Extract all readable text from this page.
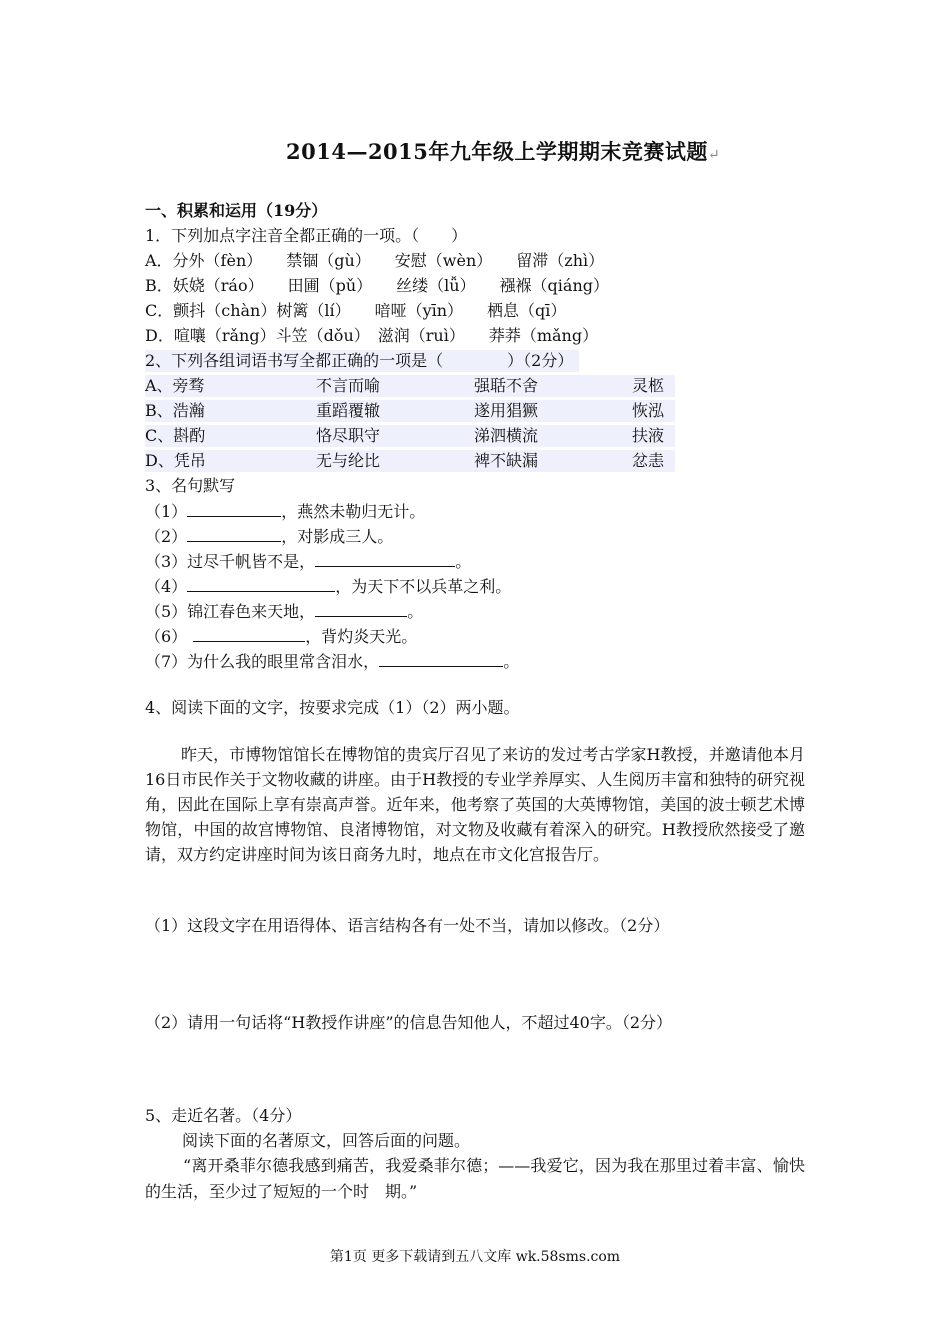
2014—2015年九年级上学期期末竞赛试题↵
一、积累和运用（19分）
1．下列加点字注音全都正确的一项。（　　）
A．分外（fèn）　　禁锢（gù）　　安慰（wèn）　　留滞（zhì）
B．妖娆（ráo）　　田圃（pǔ）　　丝缕（lǚ）　　襁褓（qiáng）
C．颤抖（chàn）树篱（lí）　　喑哑（yīn）　　栖息（qī）
D．喧嚷（rǎng）斗笠（dǒu）　滋润（ruì）　　莽莽（mǎng）
2、下列各组词语书写全都正确的一项是（　　　　）（2分）
A、旁骛	不言而喻	强聒不舍	灵柩
B、浩瀚	重蹈覆辙	遂用猖獗	恢泓
C、斟酌	恪尽职守	涕泗横流	扶液
D、凭吊	无与纶比	裨不缺漏	忿恚
3、名句默写
（1）	，燕然未勒归无计。
（2）	，对影成三人。
（3）过尽千帆皆不是，	。
（4）	，为天下不以兵革之利。
（5）锦江春色来天地，	。
（6）	，背灼炎天光。
（7）为什么我的眼里常含泪水，	。
4、阅读下面的文字，按要求完成（1）（2）两小题。
昨天，市博物馆馆长在博物馆的贵宾厅召见了来访的发过考古学家H教授，并邀请他本月16日市民作关于文物收藏的讲座。由于H教授的专业学养厚实、人生阅历丰富和独特的研究视角，因此在国际上享有崇高声誉。近年来，他考察了英国的大英博物馆，美国的波士顿艺术博物馆，中国的故宫博物馆、良渚博物馆，对文物及收藏有着深入的研究。H教授欣然接受了邀请，双方约定讲座时间为该日商务九时，地点在市文化宫报告厅。
（1）这段文字在用语得体、语言结构各有一处不当，请加以修改。（2分）
（2）请用一句话将“H教授作讲座”的信息告知他人，不超过40字。（2分）
5、走近名著。（4分）
阅读下面的名著原文，回答后面的问题。
“离开桑菲尔德我感到痛苦，我爱桑菲尔德；——我爱它，因为我在那里过着丰富、愉快的生活，至少过了短短的一个时　期。”
第1页 更多下载请到五八文库 wk.58sms.com
